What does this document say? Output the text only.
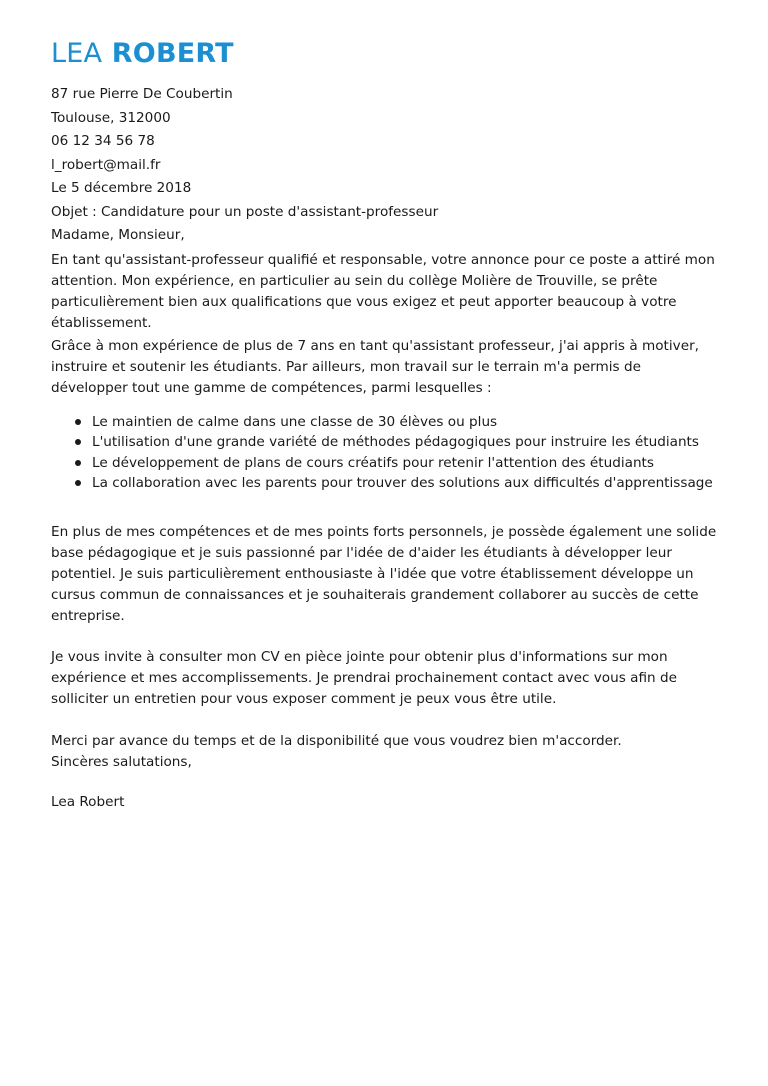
LEA ROBERT

87 rue Pierre De Coubertin

Toulouse, 312000

06 12 34 56 78

l_robert@mail.fr

Le 5 décembre 2018

Objet : Candidature pour un poste d'assistant-professeur

Madame, Monsieur,

En tant qu'assistant-professeur qualifié et responsable, votre annonce pour ce poste a attiré mon attention. Mon expérience, en particulier au sein du collège Molière de Trouville, se prête particulièrement bien aux qualifications que vous exigez et peut apporter beaucoup à votre établissement.

Grâce à mon expérience de plus de 7 ans en tant qu'assistant professeur, j'ai appris à motiver, instruire et soutenir les étudiants. Par ailleurs, mon travail sur le terrain m'a permis de développer tout une gamme de compétences, parmi lesquelles :

Le maintien de calme dans une classe de 30 élèves ou plus
L'utilisation d'une grande variété de méthodes pédagogiques pour instruire les étudiants
Le développement de plans de cours créatifs pour retenir l'attention des étudiants
La collaboration avec les parents pour trouver des solutions aux difficultés d'apprentissage

En plus de mes compétences et de mes points forts personnels, je possède également une solide base pédagogique et je suis passionné par l'idée de d'aider les étudiants à développer leur potentiel. Je suis particulièrement enthousiaste à l'idée que votre établissement développe un cursus commun de connaissances et je souhaiterais grandement collaborer au succès de cette entreprise.

Je vous invite à consulter mon CV en pièce jointe pour obtenir plus d'informations sur mon expérience et mes accomplissements. Je prendrai prochainement contact avec vous afin de solliciter un entretien pour vous exposer comment je peux vous être utile.

Merci par avance du temps et de la disponibilité que vous voudrez bien m'accorder.

Sincères salutations,

Lea Robert
